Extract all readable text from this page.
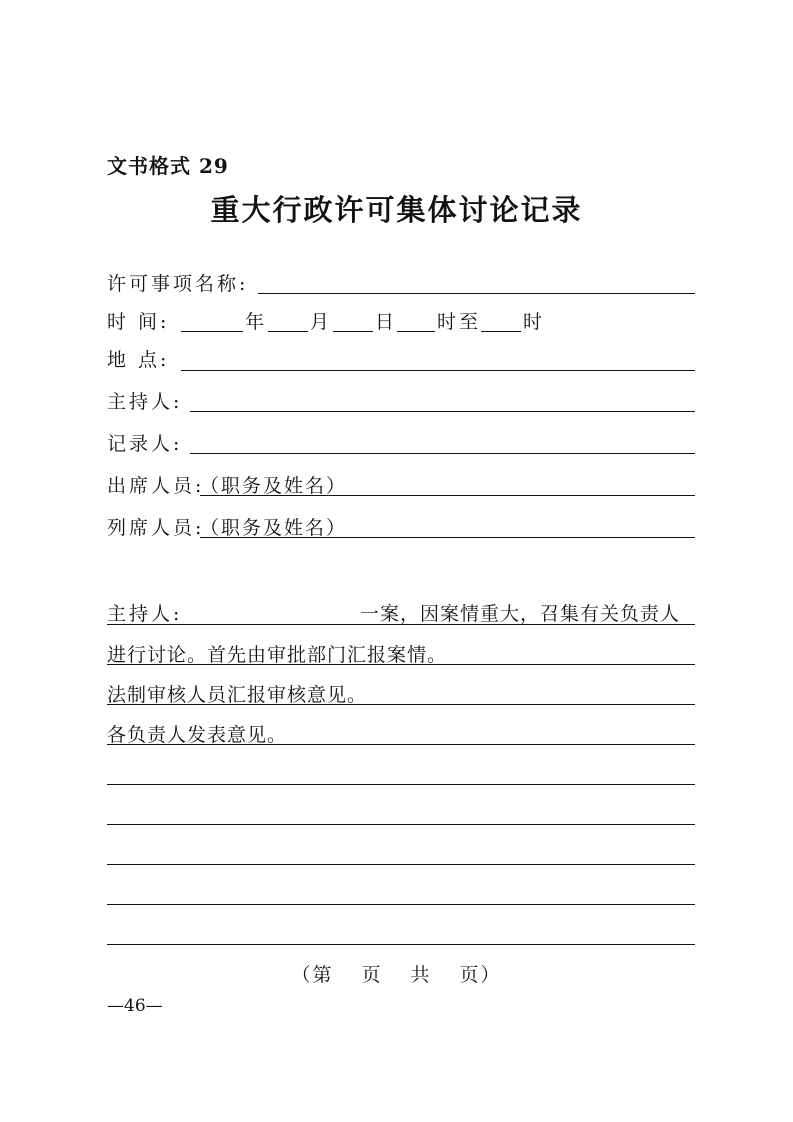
文书格式 29
重大行政许可集体讨论记录
许可事项名称:
时 间:	年 月 日 时至 时
地 点:
主持人:
记录人:
出席人员:
（职务及姓名）
列席人员:
（职务及姓名）
主持人:	一案，因案情重大，召集有关负责人
进行讨论。首先由审批部门汇报案情。
法制审核人员汇报审核意见。
各负责人发表意见。
（第 页 共 页）
—46—
